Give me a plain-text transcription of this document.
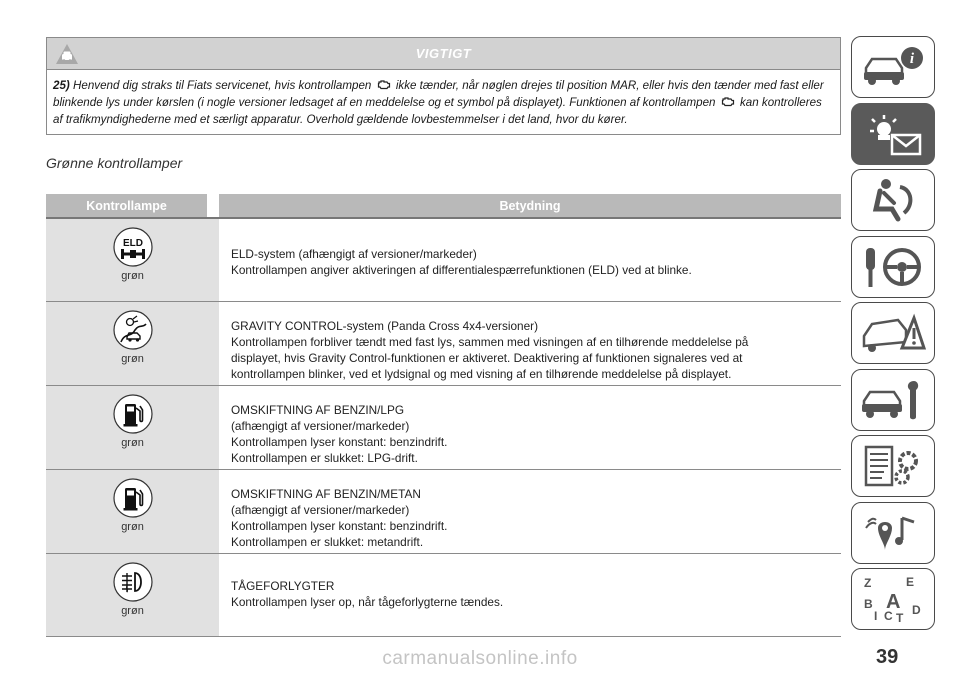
VIGTIGT
25) Henvend dig straks til Fiats servicenet, hvis kontrollampen ikke tænder, når nøglen drejes til position MAR, eller hvis den tænder med fast eller blinkende lys under kørslen (i nogle versioner ledsaget af en meddelelse og et symbol på displayet). Funktionen af kontrollampen kan kontrolleres af trafikmyndighederne med et særligt apparatur. Overhold gældende lovbestemmelser i det land, hvor du kører.
Grønne kontrollamper
Kontrollampe	Betydning
ELD
grøn
ELD-system (afhængigt af versioner/markeder)
Kontrollampen angiver aktiveringen af differentialespærrefunktionen (ELD) ved at blinke.
grøn
GRAVITY CONTROL-system (Panda Cross 4x4-versioner)
Kontrollampen forbliver tændt med fast lys, sammen med visningen af en tilhørende meddelelse på
displayet, hvis Gravity Control-funktionen er aktiveret. Deaktivering af funktionen signaleres ved at
kontrollampen blinker, ved et lydsignal og med visning af en tilhørende meddelelse på displayet.
grøn
OMSKIFTNING AF BENZIN/LPG
(afhængigt af versioner/markeder)
Kontrollampen lyser konstant: benzindrift.
Kontrollampen er slukket: LPG-drift.
grøn
OMSKIFTNING AF BENZIN/METAN
(afhængigt af versioner/markeder)
Kontrollampen lyser konstant: benzindrift.
Kontrollampen er slukket: metandrift.
grøn
TÅGEFORLYGTER
Kontrollampen lyser op, når tågeforlygterne tændes.
i
Z	E
B A
I C T
D
39
carmanualsonline.info
